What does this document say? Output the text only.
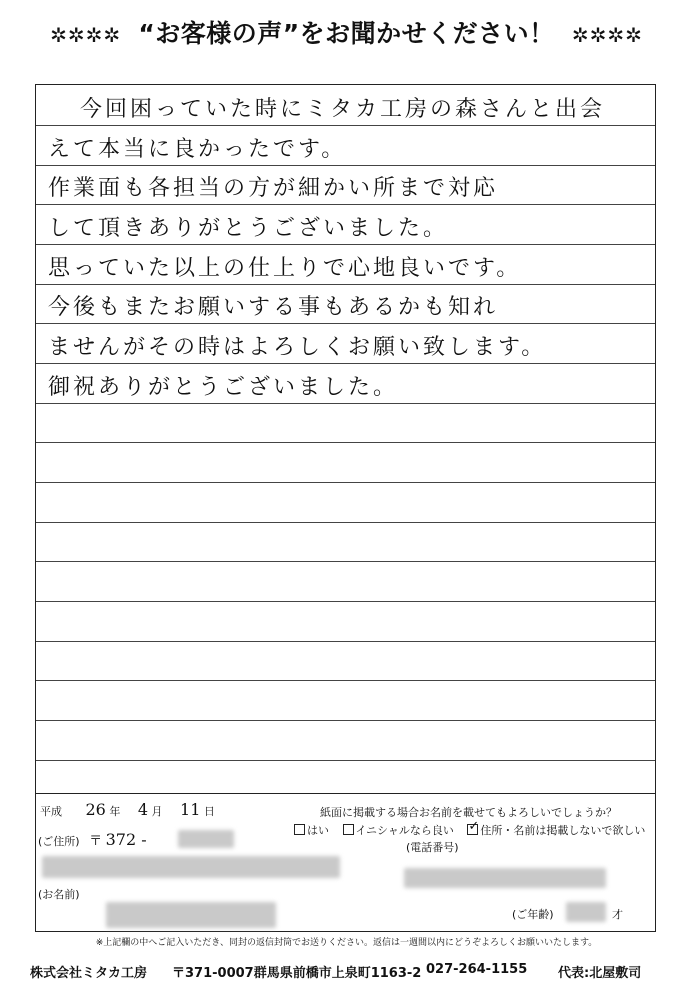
✲✲✲✲ “お客様の声”をお聞かせください！ ✲✲✲✲
今回困っていた時にミタカ工房の森さんと出会
えて本当に良かったです。
作業面も各担当の方が細かい所まで対応
して頂きありがとうございました。
思っていた以上の仕上りで心地良いです。
今後もまたお願いする事もあるかも知れ
ませんがその時はよろしくお願い致します。
御祝ありがとうございました。
平成 26 年 4 月 11 日
(ご住所) 〒 372 -
(お名前)
紙面に掲載する場合お名前を載せてもよろしいでしょうか？
はい イニシャルなら良い ✓ 住所・名前は掲載しないで欲しい
(電話番号)
(ご年齢)	才
※上記欄の中へご記入いただき、同封の返信封筒でお送りください。返信は一週間以内にどうぞよろしくお願いいたします。
株式会社ミタカ工房 〒371-0007群馬県前橋市上泉町1163-2 027-264-1155 代表:北屋敷司
